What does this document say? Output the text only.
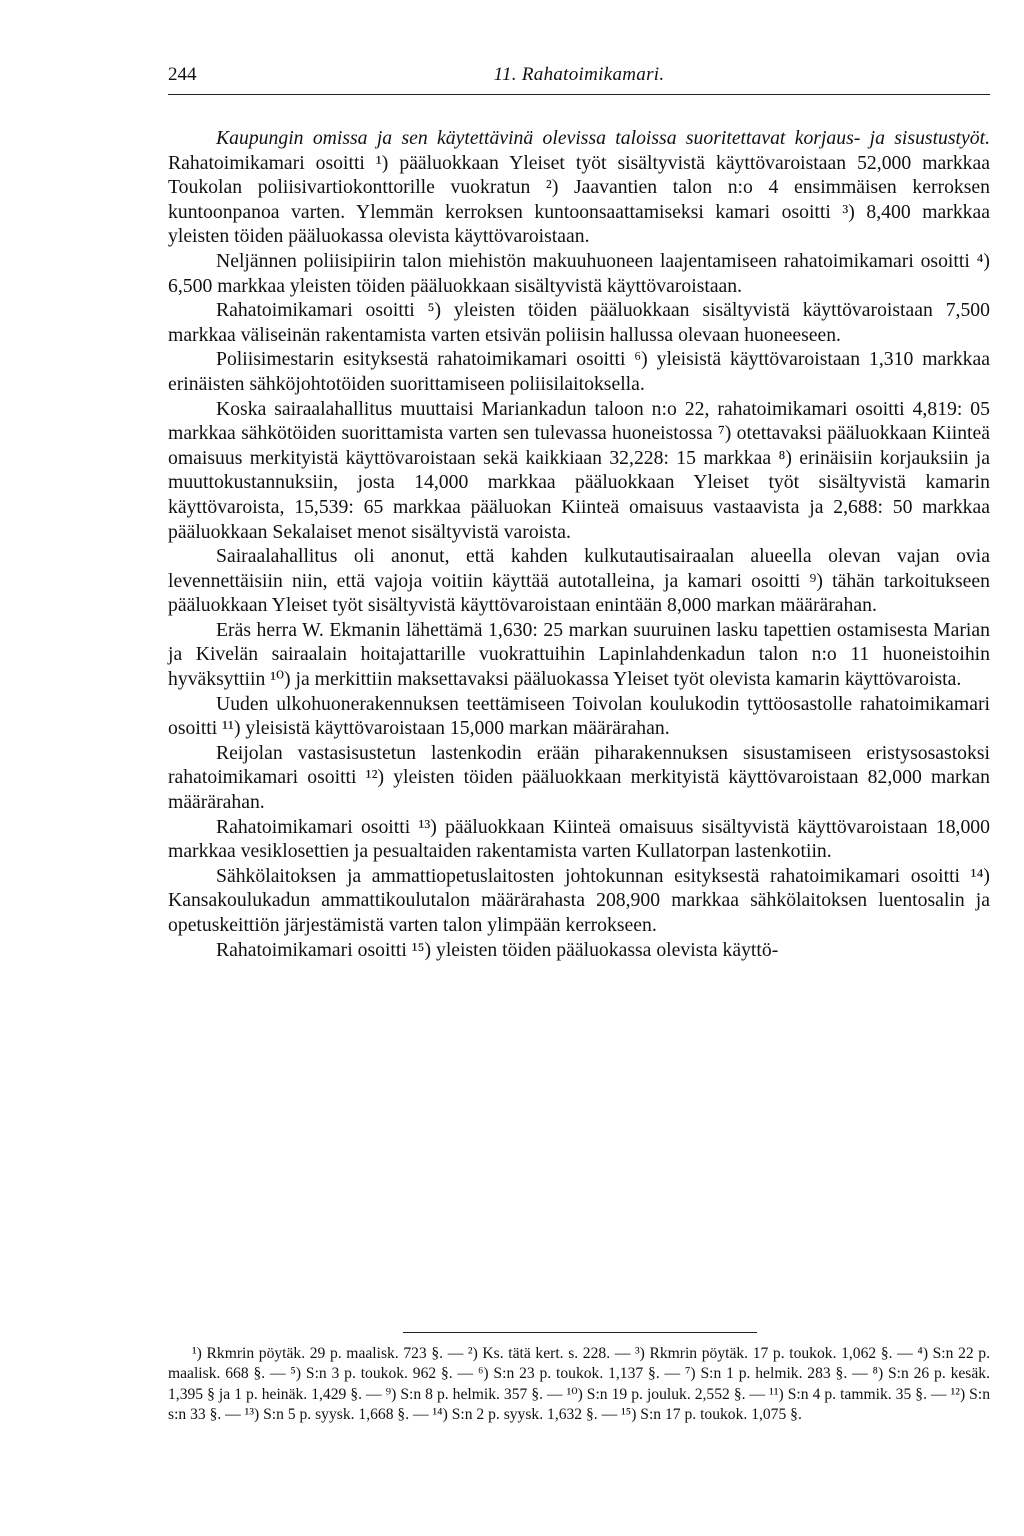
244	11. Rahatoimikamari.

Kaupungin omissa ja sen käytettävinä olevissa taloissa suoritettavat korjaus- ja sisustustyöt. Rahatoimikamari osoitti ¹) pääluokkaan Yleiset työt sisältyvistä käyttövaroistaan 52,000 markkaa Toukolan poliisivartiokonttorille vuokratun ²) Jaavantien talon n:o 4 ensimmäisen kerroksen kuntoonpanoa varten. Ylemmän kerroksen kuntoonsaattamiseksi kamari osoitti ³) 8,400 markkaa yleisten töiden pääluokassa olevista käyttövaroistaan.

Neljännen poliisipiirin talon miehistön makuuhuoneen laajentamiseen rahatoimikamari osoitti ⁴) 6,500 markkaa yleisten töiden pääluokkaan sisältyvistä käyttövaroistaan.

Rahatoimikamari osoitti ⁵) yleisten töiden pääluokkaan sisältyvistä käyttövaroistaan 7,500 markkaa väliseinän rakentamista varten etsivän poliisin hallussa olevaan huoneeseen.

Poliisimestarin esityksestä rahatoimikamari osoitti ⁶) yleisistä käyttövaroistaan 1,310 markkaa erinäisten sähköjohtotöiden suorittamiseen poliisilaitoksella.

Koska sairaalahallitus muuttaisi Mariankadun taloon n:o 22, rahatoimikamari osoitti 4,819: 05 markkaa sähkötöiden suorittamista varten sen tulevassa huoneistossa ⁷) otettavaksi pääluokkaan Kiinteä omaisuus merkityistä käyttövaroistaan sekä kaikkiaan 32,228: 15 markkaa ⁸) erinäisiin korjauksiin ja muuttokustannuksiin, josta 14,000 markkaa pääluokkaan Yleiset työt sisältyvistä kamarin käyttövaroista, 15,539: 65 markkaa pääluokan Kiinteä omaisuus vastaavista ja 2,688: 50 markkaa pääluokkaan Sekalaiset menot sisältyvistä varoista.

Sairaalahallitus oli anonut, että kahden kulkutautisairaalan alueella olevan vajan ovia levennettäisiin niin, että vajoja voitiin käyttää autotalleina, ja kamari osoitti ⁹) tähän tarkoitukseen pääluokkaan Yleiset työt sisältyvistä käyttövaroistaan enintään 8,000 markan määrärahan.

Eräs herra W. Ekmanin lähettämä 1,630: 25 markan suuruinen lasku tapettien ostamisesta Marian ja Kivelän sairaalain hoitajattarille vuokrattuihin Lapinlahdenkadun talon n:o 11 huoneistoihin hyväksyttiin ¹⁰) ja merkittiin maksettavaksi pääluokassa Yleiset työt olevista kamarin käyttövaroista.

Uuden ulkohuonerakennuksen teettämiseen Toivolan koulukodin tyttöosastolle rahatoimikamari osoitti ¹¹) yleisistä käyttövaroistaan 15,000 markan määrärahan.

Reijolan vastasisustetun lastenkodin erään piharakennuksen sisustamiseen eristysosastoksi rahatoimikamari osoitti ¹²) yleisten töiden pääluokkaan merkityistä käyttövaroistaan 82,000 markan määrärahan.

Rahatoimikamari osoitti ¹³) pääluokkaan Kiinteä omaisuus sisältyvistä käyttövaroistaan 18,000 markkaa vesiklosettien ja pesualtaiden rakentamista varten Kullatorpan lastenkotiin.

Sähkölaitoksen ja ammattiopetuslaitosten johtokunnan esityksestä rahatoimikamari osoitti ¹⁴) Kansakoulukadun ammattikoulutalon määrärahasta 208,900 markkaa sähkölaitoksen luentosalin ja opetuskeittiön järjestämistä varten talon ylimpään kerrokseen.

Rahatoimikamari osoitti ¹⁵) yleisten töiden pääluokassa olevista käyttö-

¹) Rkmrin pöytäk. 29 p. maalisk. 723 §. — ²) Ks. tätä kert. s. 228. — ³) Rkmrin pöytäk. 17 p. toukok. 1,062 §. — ⁴) S:n 22 p. maalisk. 668 §. — ⁵) S:n 3 p. toukok. 962 §. — ⁶) S:n 23 p. toukok. 1,137 §. — ⁷) S:n 1 p. helmik. 283 §. — ⁸) S:n 26 p. kesäk. 1,395 § ja 1 p. heinäk. 1,429 §. — ⁹) S:n 8 p. helmik. 357 §. — ¹⁰) S:n 19 p. jouluk. 2,552 §. — ¹¹) S:n 4 p. tammik. 35 §. — ¹²) S:n s:n 33 §. — ¹³) S:n 5 p. syysk. 1,668 §. — ¹⁴) S:n 2 p. syysk. 1,632 §. — ¹⁵) S:n 17 p. toukok. 1,075 §.
